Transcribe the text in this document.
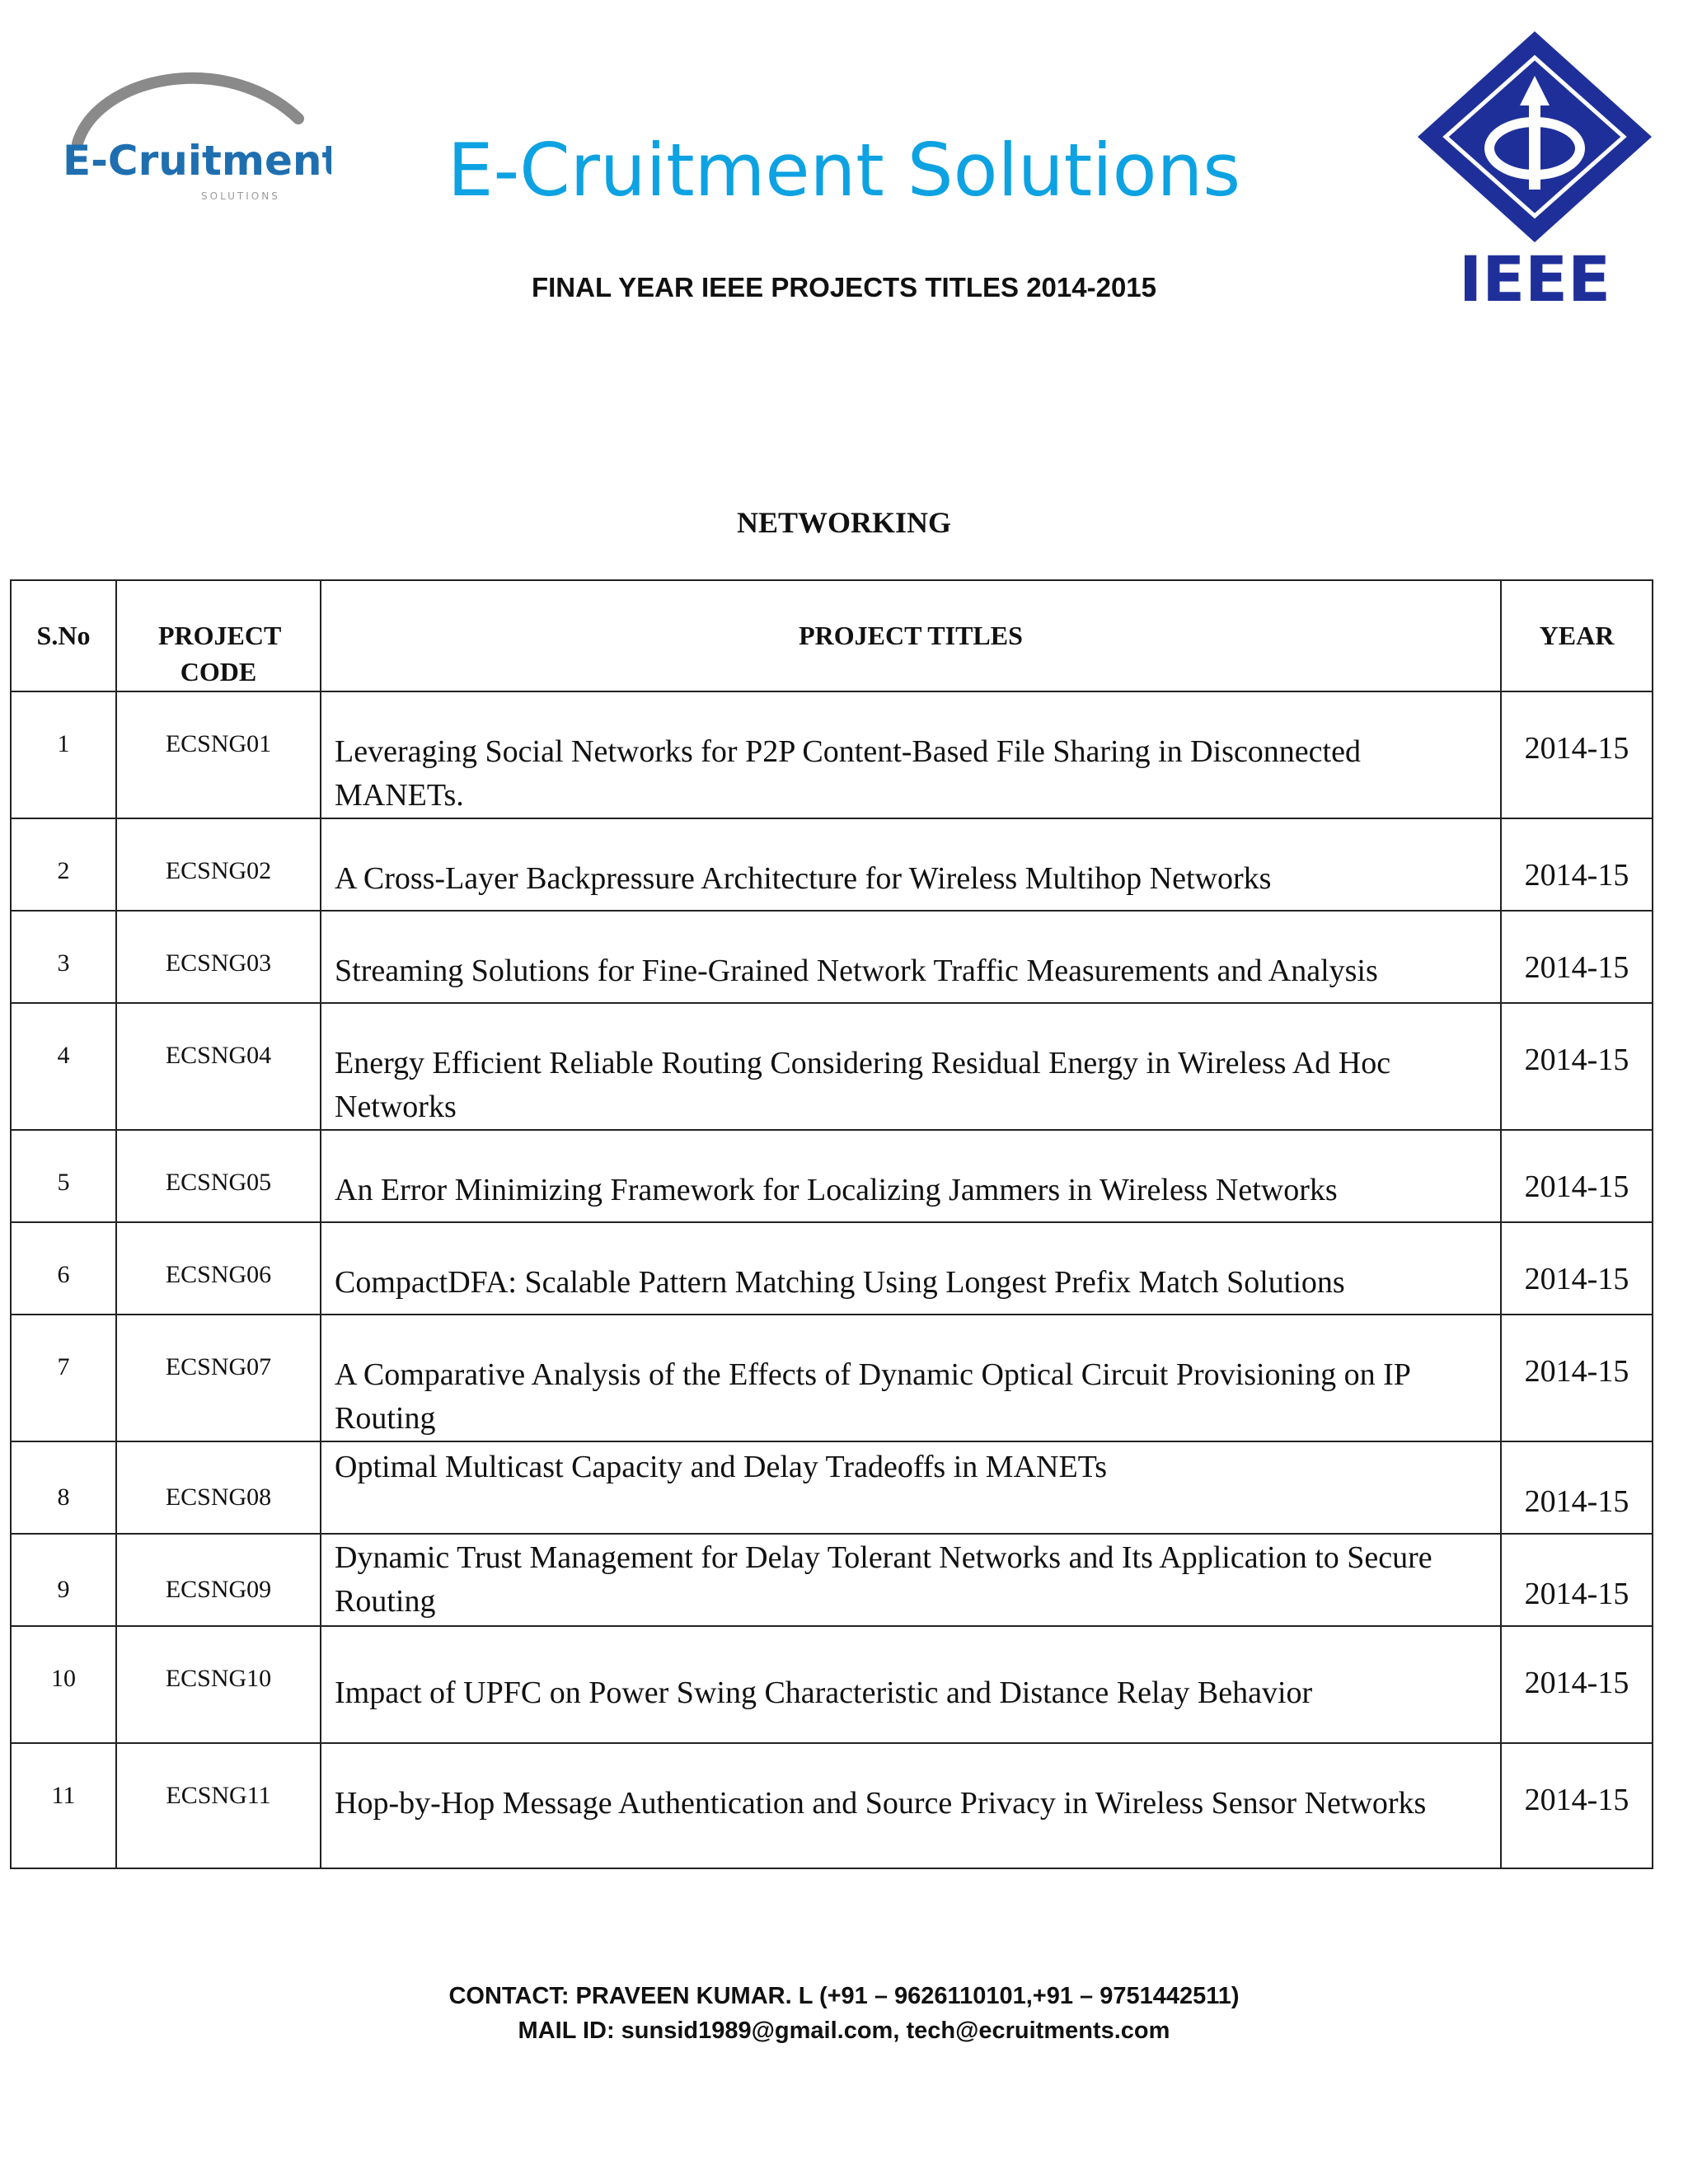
E-Cruitment
SOLUTIONS	E-Cruitment Solutions
IEEE
FINAL YEAR IEEE PROJECTS TITLES 2014-2015
NETWORKING
S.No	PROJECT CODE	PROJECT TITLES	YEAR
1	ECSNG01	Leveraging Social Networks for P2P Content-Based File Sharing in Disconnected MANETs.	2014-15
2	ECSNG02	A Cross-Layer Backpressure Architecture for Wireless Multihop Networks	2014-15
3	ECSNG03	Streaming Solutions for Fine-Grained Network Traffic Measurements and Analysis	2014-15
4	ECSNG04	Energy Efficient Reliable Routing Considering Residual Energy in Wireless Ad Hoc Networks	2014-15
5	ECSNG05	An Error Minimizing Framework for Localizing Jammers in Wireless Networks	2014-15
6	ECSNG06	CompactDFA: Scalable Pattern Matching Using Longest Prefix Match Solutions	2014-15
7	ECSNG07	A Comparative Analysis of the Effects of Dynamic Optical Circuit Provisioning on IP Routing	2014-15
8	ECSNG08	Optimal Multicast Capacity and Delay Tradeoffs in MANETs	2014-15
9	ECSNG09	Dynamic Trust Management for Delay Tolerant Networks and Its Application to Secure Routing	2014-15
10	ECSNG10	Impact of UPFC on Power Swing Characteristic and Distance Relay Behavior	2014-15
11	ECSNG11	Hop-by-Hop Message Authentication and Source Privacy in Wireless Sensor Networks	2014-15
CONTACT: PRAVEEN KUMAR. L (+91 – 9626110101,+91 – 9751442511)
MAIL ID: sunsid1989@gmail.com, tech@ecruitments.com
